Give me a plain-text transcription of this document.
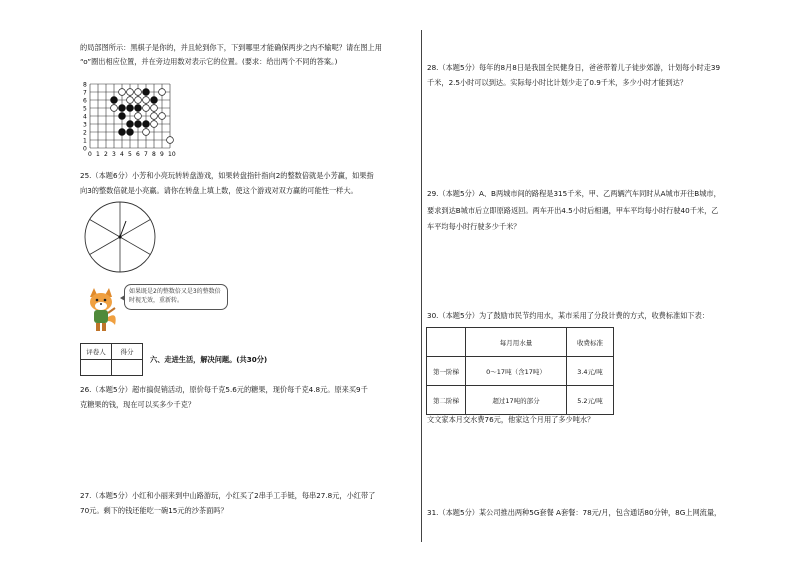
的局部图所示：黑棋子是你的，并且轮到你下，下到哪里才能确保两步之内不输呢？请在图上用
“o”圈出相应位置，并在旁边用数对表示它的位置。(要求：给出两个不同的答案。)
8
7
6
5
4
3
2
1
0
0 1 2 3 4 5 6 7 8 9 10
25.（本题6分）小芳和小亮玩转转盘游戏，如果转盘指针指向2的整数倍就是小芳赢，如果指
向3的整数倍就是小亮赢。请你在转盘上填上数，使这个游戏对双方赢的可能性一样大。
如果既是2的整数倍又是3的整数倍时视无效，重新转。
评卷人	得分

六、走进生活，解决问题。(共30分)
26.（本题5分）超市搞促销活动，原价每千克5.6元的糖果，现价每千克4.8元。原来买9千
克糖果的钱，现在可以买多少千克？
27.（本题5分）小红和小丽来到中山路游玩，小红买了2串手工手链，每串27.8元，小红带了
70元。剩下的钱还能吃一碗15元的沙茶面吗？
28.（本题5分）每年的8月8日是我国全民健身日，爸爸带着儿子徒步郊游，计划每小时走39
千米，2.5小时可以到达。实际每小时比计划少走了0.9千米，多少小时才能到达？
29.（本题5分）A、B两城市间的路程是315千米，甲、乙两辆汽车同时从A城市开往B城市，
要求到达B城市后立即原路返回。两车开出4.5小时后相遇，甲车平均每小时行驶40千米，乙
车平均每小时行驶多少千米？
30.（本题5分）为了鼓励市民节约用水，某市采用了分段计费的方式，收费标准如下表：
	每月用水量	收费标准
第一阶梯	0～17吨（含17吨）	3.4元/吨
第二阶梯	超过17吨的部分	5.2元/吨
文文家本月交水费76元，他家这个月用了多少吨水？
31.（本题5分）某公司推出两种5G套餐 A套餐：78元/月，包含通话80分钟，8G上网流量，
